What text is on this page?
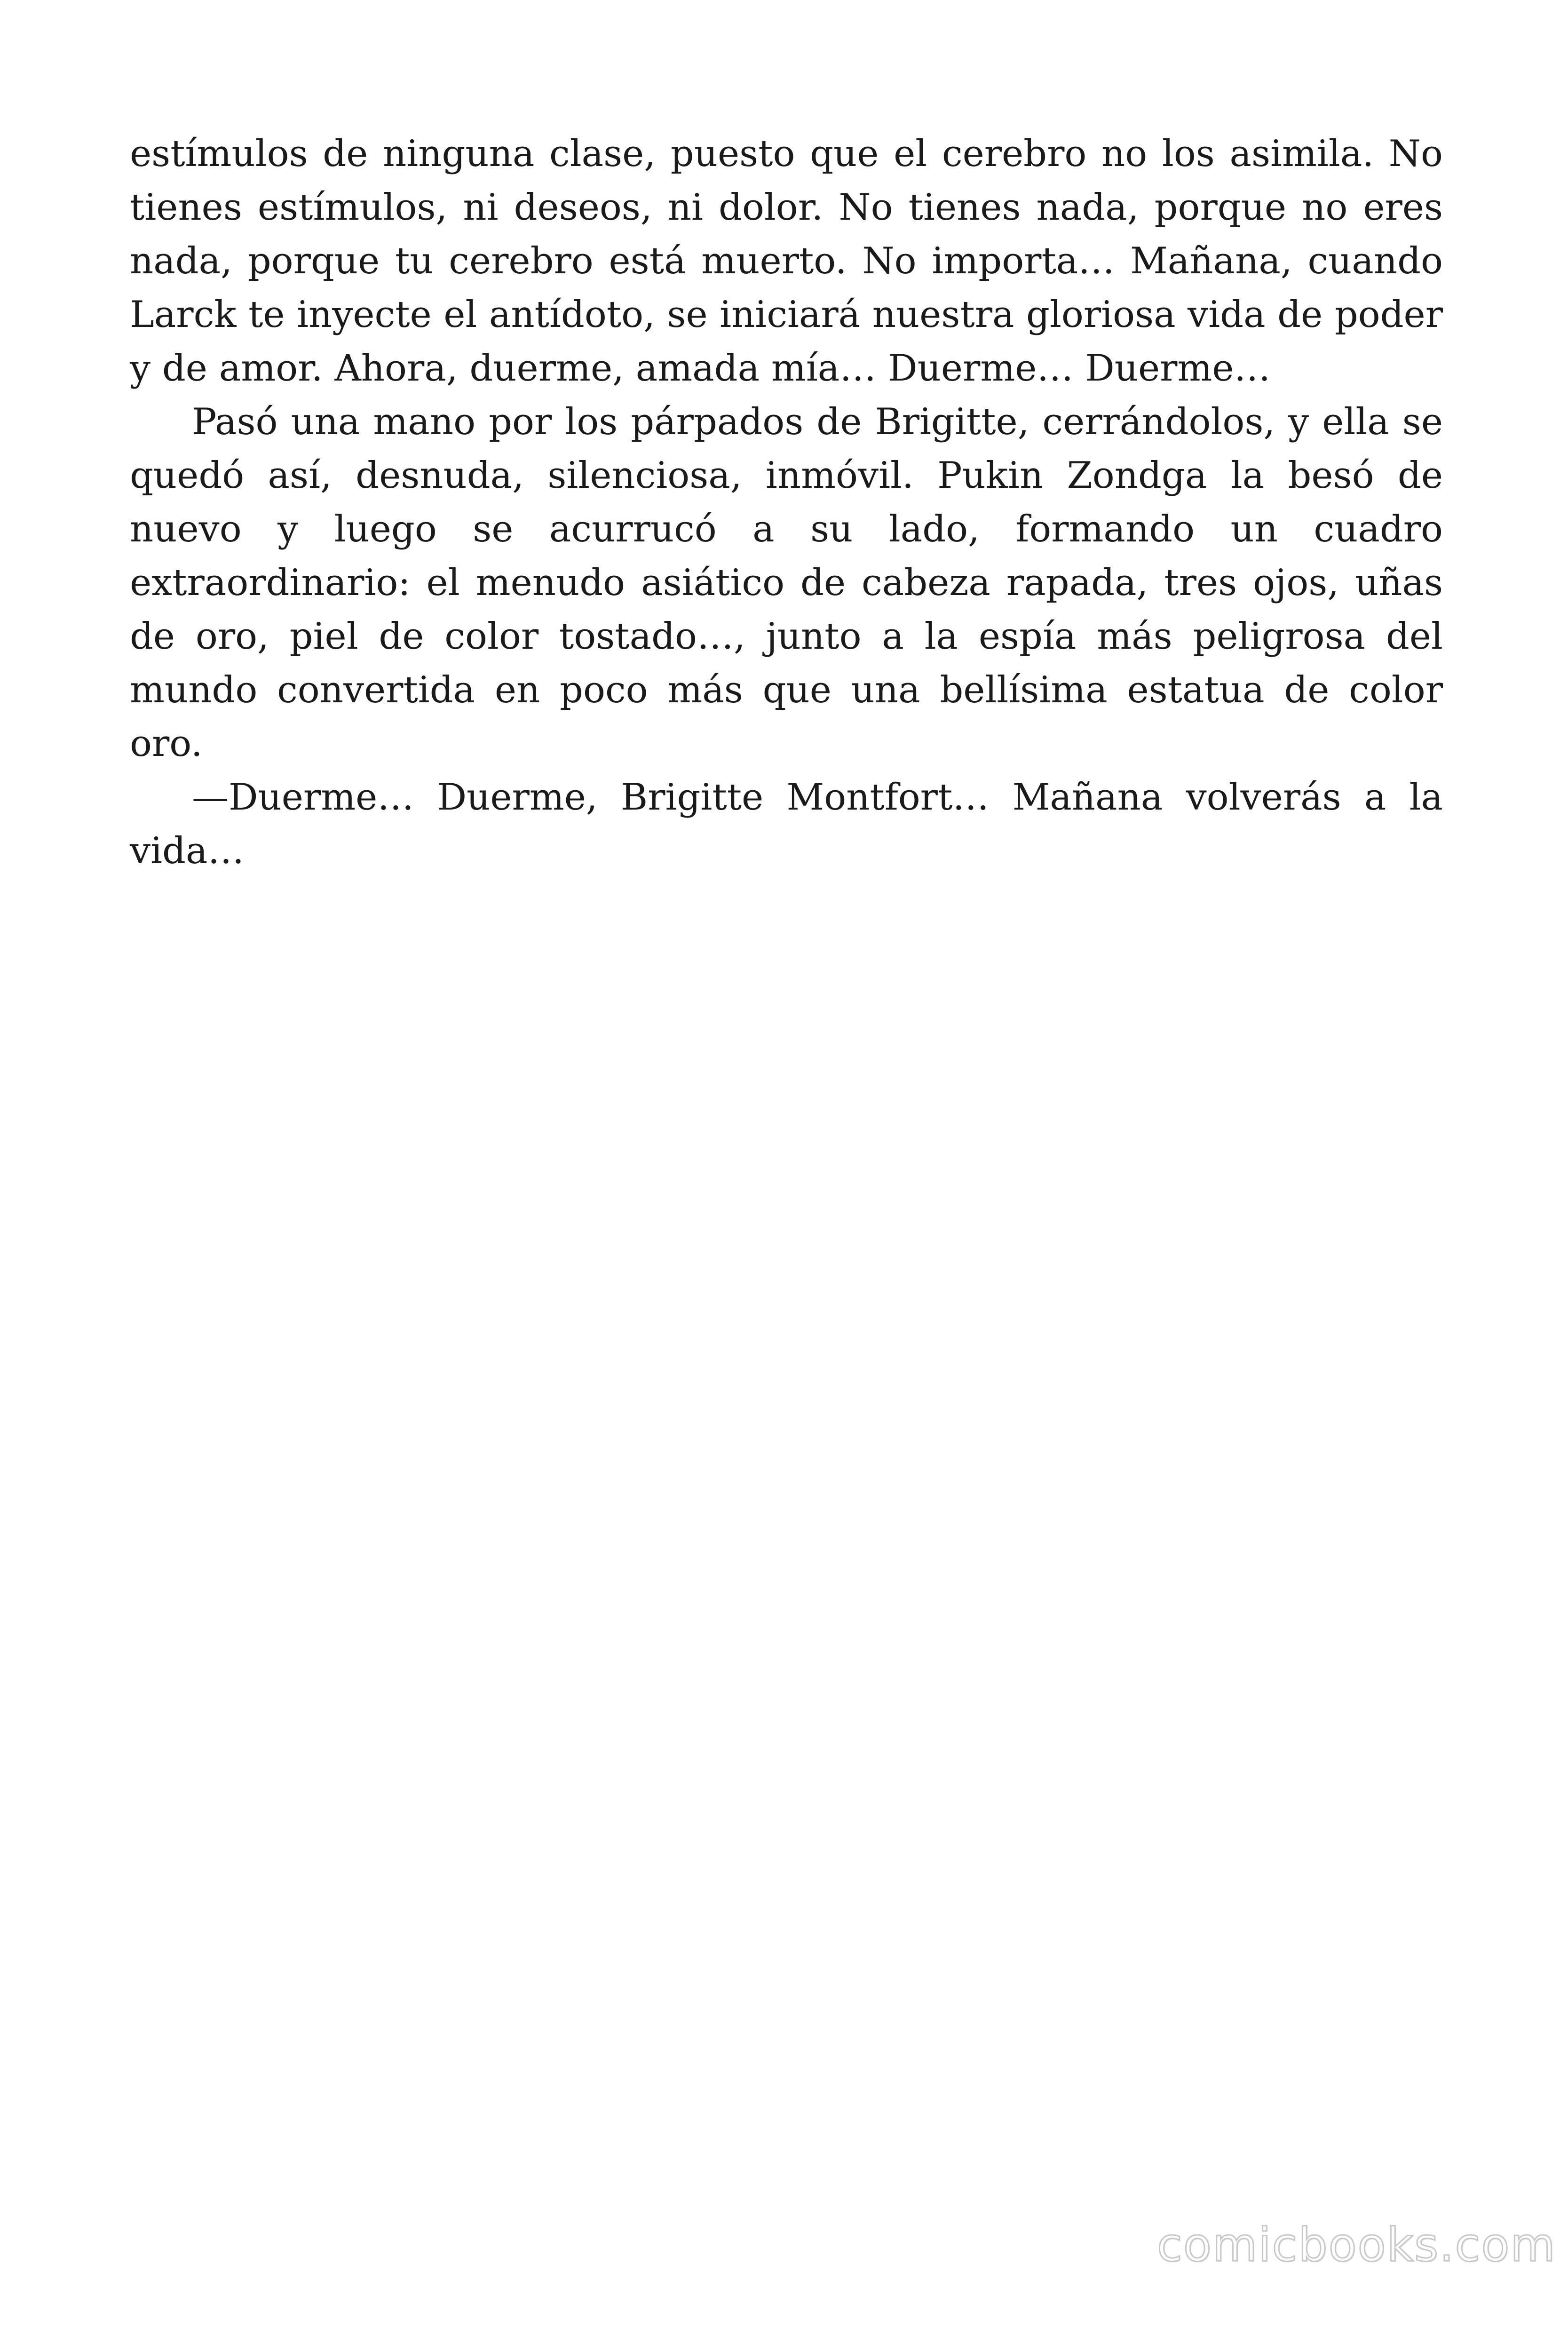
estímulos de ninguna clase, puesto que el cerebro no los asimila. No tienes estímulos, ni deseos, ni dolor. No tienes nada, porque no eres nada, porque tu cerebro está muerto. No importa… Mañana, cuando Larck te inyecte el antídoto, se iniciará nuestra gloriosa vida de poder y de amor. Ahora, duerme, amada mía… Duerme… Duerme…

Pasó una mano por los párpados de Brigitte, cerrándolos, y ella se quedó así, desnuda, silenciosa, inmóvil. Pukin Zondga la besó de nuevo y luego se acurrucó a su lado, formando un cuadro extraordinario: el menudo asiático de cabeza rapada, tres ojos, uñas de oro, piel de color tostado…, junto a la espía más peligrosa del mundo convertida en poco más que una bellísima estatua de color oro.

—Duerme… Duerme, Brigitte Montfort… Mañana volverás a la vida…

comicbooks.com
